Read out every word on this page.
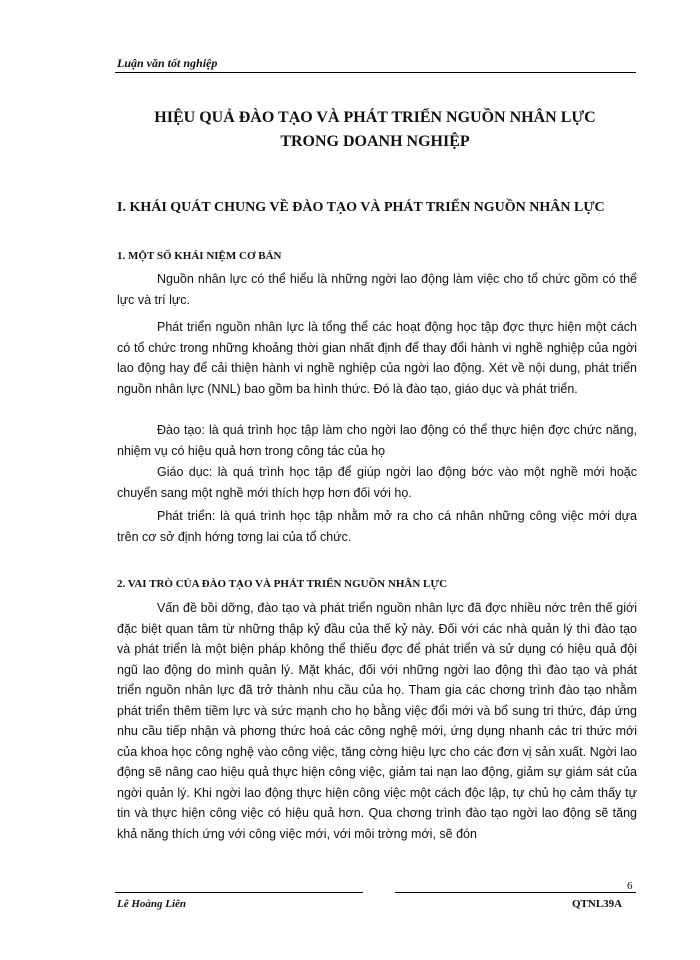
Luận văn tốt nghiệp
HIỆU QUẢ ĐÀO TẠO VÀ PHÁT TRIỂN NGUỒN NHÂN LỰC
TRONG DOANH NGHIỆP
I. KHÁI QUÁT CHUNG VỀ ĐÀO TẠO VÀ PHÁT TRIỂN NGUỒN NHÂN LỰC
1. MỘT SỐ KHÁI NIỆM CƠ BẢN

Nguồn nhân lực có thể hiểu là những ngời lao động làm việc cho tổ chức gồm có thể lực và trí lực.

Phát triển nguồn nhân lực là tổng thể các hoạt động học tập đợc thực hiện một cách có tổ chức trong những khoảng thời gian nhất định để thay đổi hành vi nghề nghiệp của ngời lao động hay để cải thiện hành vi nghề nghiệp của ngời lao động. Xét về nội dung, phát triển nguồn nhân lực (NNL) bao gồm ba hình thức. Đó là đào tạo, giáo dục và phát triển.

Đào tạo: là quá trình học tập làm cho ngời lao động có thể thực hiện đợc chức năng, nhiệm vụ có hiệu quả hơn trong công tác của họ

Giáo dục: là quá trình học tập để giúp ngời lao động bớc vào một nghề mới hoặc chuyển sang một nghề mới thích hợp hơn đối với họ.

Phát triển: là quá trình học tập nhằm mở ra cho cá nhân những công việc mới dựa trên cơ sở định hớng tơng lai của tổ chức.

2. VAI TRÒ CỦA ĐÀO TẠO VÀ PHÁT TRIỂN NGUỒN NHÂN LỰC

Vấn đề bồi dỡng, đào tạo và phát triển nguồn nhân lực đã đợc nhiều nớc trên thế giới đặc biệt quan tâm từ những thập kỷ đầu của thế kỷ này. Đối với các nhà quản lý thì đào tạo và phát triển là một biện pháp không thể thiếu đợc để phát triển và sử dụng có hiệu quả đội ngũ lao động do mình quản lý. Mặt khác, đối với những ngời lao động thì đào tạo và phát triển nguồn nhân lực đã trở thành nhu cầu của họ. Tham gia các chơng trình đào tạo nhằm phát triển thêm tiềm lực và sức mạnh cho họ bằng việc đổi mới và bổ sung tri thức, đáp ứng nhu cầu tiếp nhận và phơng thức hoá các công nghệ mới, ứng dụng nhanh các tri thức mới của khoa học công nghệ vào công việc, tăng cờng hiệu lực cho các đơn vị sản xuất. Ngời lao động sẽ nâng cao hiệu quả thực hiện công việc, giảm tai nạn lao động, giảm sự giám sát của ngời quản lý. Khi ngời lao động thực hiện công việc một cách độc lập, tự chủ họ cảm thấy tự tin và thực hiện công việc có hiệu quả hơn. Qua chơng trình đào tạo ngời lao động sẽ tăng khả năng thích ứng với công việc mới, với môi trờng mới, sẽ đón

6
Lê Hoàng Liên	QTNL39A
